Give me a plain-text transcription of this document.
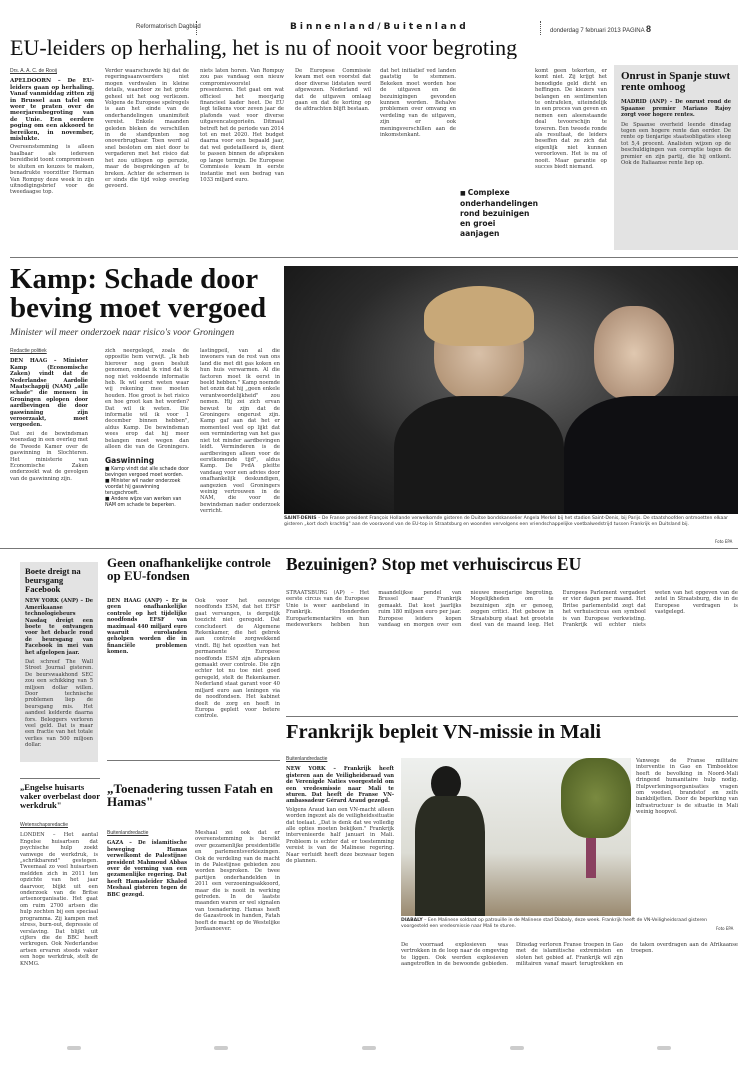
Reformatorisch Dagblad	Binnenland/Buitenland	donderdag 7 februari 2013 PAGINA 8
EU-leiders op herhaling, het is nu of nooit voor begroting
Drs. A. A. C. de Rooij

APELDOORN – De EU-leiders gaan op herhaling. Vanaf vanmiddag zitten zij in Brussel aan tafel om weer te praten over de meerjarenbegroting van de Unie. Een eerdere poging om een akkoord te bereiken, in november, mislukte.

Overeenstemming is alleen haalbaar als iedereen bereidheid toont compromissen te sluiten en keuzes te maken, benadrukte voorzitter Herman Van Rompuy deze week in zijn uitnodigingsbrief voor de tweedaagse top.

Verder waarschuwde hij dat de regeringsaanvoerders niet mogen verdwalen in kleine details, waardoor ze het grote geheel uit het oog verliezen. Volgens de Europese spelregels is aan het einde van de onderhandelingen unanimiteit vereist. Enkele maanden geleden bleken de verschillen in de standpunten nog onoverbrugbaar. Toen werd al snel besloten om niet door te vergaderen met het risico dat het zou uitlopen op geruzie, maar de besprekingen af te breken. Achter de schermen is er sinds die tijd volop overleg gevoerd.
niets laten horen. Van Rompuy zou pas vandaag een nieuw compromisvoorstel presenteren. Het gaat om wat officieel het meerjarig financieel kader heet. De EU legt telkens voor zeven jaar de plafonds vast voor diverse uitgavencategorieën. Ditmaal betreft het de periode van 2014 tot en met 2020. Het budget daarna voor een bepaald jaar, dat wel gedetailleerd is, dient te passen binnen de afspraken op lange termijn. De Europese Commissie kwam in eerste instantie met een bedrag van 1033 miljard euro.
De Europese Commissie kwam met een voorstel dat door diverse lidstaten werd afgewezen. Nederland wil dat de uitgaven omlaag gaan en dat de korting op de afdrachten blijft bestaan.
dat het initiatief ved landen gaatstig te stemmen. Bekeken moet worden hoe de uitgaven en de bezuinigingen gevonden kunnen worden. Behalve problemen over omvang en verdeling van de uitgaven, zijn er ook meningsverschillen aan de inkomstenkant.
■ Complexe onderhandelingen rond bezuinigen en groei aanjagen
komt geen tekorten, er komt niet. Zij krijgt het benodigde geld dicht en heffingen. De kiezers van belangen en sentimenten te ontrafelen, uiteindelijk in een proces van geven en nemen een aleenstaande deal tevoorschijn te toveren. Een tweede ronde als resultaat, de leiders beseffen dat ze zich dat eigenlijk niet kunnen veroorloven. Het is nu of nooit. Maar garantie op succes biedt niemand.
Onrust in Spanje stuwt rente omhoog
MADRID (ANP) – De onrust rond de Spaanse premier Mariano Rajoy zorgt voor hogere rentes.
De Spaanse overheid leende dinsdag tegen een hogere rente dan eerder. De rente op tienjarige staatsobligaties steeg tot 5,4 procent. Analisten wijzen op de beschuldigingen van corruptie tegen de premier en zijn partij, die hij ontkent. Ook de Italiaanse rente liep op.
Kamp: Schade door beving moet vergoed
Minister wil meer onderzoek naar risico's voor Groningen
Redactie politiek

DEN HAAG – Minister Kamp (Economische Zaken) vindt dat de Nederlandse Aardolie Maatschappij (NAM) „alle schade" die mensen in Groningen oplopen door aardbevingen die door gaswinning zijn veroorzaakt, moet vergoeden.

Dat zei de bewindsman woensdag in een overleg met de Tweede Kamer over de gaswinning in Slochteren. Het ministerie van Economische Zaken onderzoekt wat de gevolgen van de gaswinning zijn.

zich neergelegd, zoals de oppositie hem verwijt. „Ik heb hierover nog geen besluit genomen, omdat ik vind dat ik nog niet voldoende informatie heb. Ik wil eerst weten waar wij rekening mee moeten houden. Hoe groot is het risico en hoe groot kan het worden? Dat wil ik weten. Die informatie wil ik voor 1 december binnen hebben", aldus Kamp. De bewindsman wees erop dat hij meer belangen moet wegen dan alleen die van de Groningers.
Gaswinning
■ Kamp vindt dat alle schade door bevingen vergoed moet worden.
■ Minister wil nader onderzoek voordat hij gaswinning terugschroeft.
■ Andere wijze van werken van NAM om schade te beperken.
lastingpeil, van al die inwoners van de rest van ons land die met dit gas koken en hun huis verwarmen. Al die factoren moet ik eerst in beeld hebben." Kamp noemde het onzin dat hij „geen enkele verantwoordelijkheid" zou nemen. Hij zei zich ervan bewust te zijn dat de Groningers ongerust zijn. Kamp gaf aan dat het er momenteel veel op lijkt dat een vermindering van het gas niet tot minder aardbevingen leidt. Verminderen is de aardbevingen alleen voor de eerstkomende tijd", aldus Kamp. De PvdA pleitte vandaag voor een advies door onafhankelijk deskundigen, aangezien veel Groningers weinig vertrouwen in de NAM, die voor de bewindsman nader onderzoek verricht.
SAINT-DENIS – De Franse president François Hollande verwelkomde gisteren de Duitse bondskanselier Angela Merkel bij het stadion Saint-Denis, bij Parijs. De staatshoofden ontmoetten elkaar gisteren „kort doch krachtig" aan de vooravond van de EU-top in Straatsburg en woonden vervolgens een vriendschappelijke voetbalwedstrijd tussen Frankrijk en Duitsland bij.
Foto EPA
Boete dreigt na beursgang Facebook
NEW YORK (ANP) – De Amerikaanse technologiebeurs Nasdaq dreigt een boete te ontvangen voor het debacle rond de beursgang van Facebook in mei van het afgelopen jaar.
Dat schreef The Wall Street Journal gisteren. De beurswaakhond SEC zou een schikking van 5 miljoen dollar willen. Door technische problemen liep de beursgang mis. Het aandeel kelderde daarna fors. Beleggers verloren veel geld. Dat is maar een fractie van het totale verlies van 500 miljoen dollar.
„Engelse huisarts vaker overbelast door werkdruk"
Wetenschapsredactie

LONDEN – Het aantal Engelse huisartsen dat psychische hulp zoekt vanwege de werkdruk, is „schrikbarend" gestegen. Tweemaal zo veel huisartsen meldden zich in 2011 ten opzichte van het jaar daarvoor, blijkt uit een onderzoek van de Britse artsenorganisatie. Het gaat om ruim 2700 artsen die hulp zochten bij een speciaal programma. Zij kampen met stress, burn-out, depressie of verslaving. Dat blijkt uit cijfers die de BBC heeft verkregen. Ook Nederlandse artsen ervaren steeds vaker een hoge werkdruk, stelt de KNMG.

Geen onafhankelijke controle op EU-fondsen

DEN HAAG (ANP) – Er is geen onafhankelijke controle op het tijdelijke noodfonds EFSF van maximaal 440 miljard euro waaruit eurolanden geholpen worden die in financiële problemen komen.

Ook voor het eeuwige noodfonds ESM, dat het EFSF gaat vervangen, is dergelijk toezicht niet geregeld. Dat concludeert de Algemene Rekenkamer, die het gebrek aan controle zorgwekkend vindt. Bij het opzetten van het permanente Europese noodfonds ESM zijn afspraken gemaakt over controle. Die zijn echter tot nu toe niet goed geregeld, stelt de Rekenkamer. Nederland staat garant voor 40 miljard euro aan leningen via de noodfondsen. Het kabinet deelt de zorg en heeft in Europa gepleit voor betere controle.
„Toenadering tussen Fatah en Hamas"
Buitenlandredactie

GAZA – De islamitische beweging Hamas verwelkomt de Palestijnse president Mahmoud Abbas over de vorming van een gezamenlijke regering. Dat heeft Hamasleider Khaled Meshaal gisteren tegen de BBC gezegd.

Meshaal zei ook dat er overeenstemming is bereikt over gezamenlijke presidentiële en parlementsverkiezingen. Ook de verdeling van de macht in de Palestijnse gebieden zou worden besproken. De twee partijen onderhandelden in 2011 een verzoeningsakkoord, maar die is nooit in werking getreden. In de laatste maanden waren er wel signalen van toenadering. Hamas heeft de Gazastrook in handen, Fatah heeft de macht op de Westelijke Jordaanoever.
Bezuinigen? Stop met verhuiscircus EU
STRAATSBURG (AP) – Het eerste circus van de Europese Unie is weer aanbeland in Frankrijk. Honderden Europarlementariërs en hun medewerkers hebben hun maandelijkse pendel van Brussel naar Frankrijk gemaakt. Dat kost jaarlijks ruim 180 miljoen euro per jaar. Europese leiders kopen vandaag en morgen over een nieuwe meerjarige begroting. Mogelijkheden om te bezuinigen zijn er genoeg, zeggen critici. Het gebouw in Straatsburg staat het grootste deel van de maand leeg. Het Europees Parlement vergadert er vier dagen per maand. Het Britse parlementslid zegt dat het verhuiscircus een symbool is van Europese verkwisting. Frankrijk wil echter niets weten van het opgeven van de zetel in Straatsburg, die in de Europese verdragen is vastgelegd.
Frankrijk bepleit VN-missie in Mali
Buitenlandredactie

NEW YORK – Frankrijk heeft gisteren aan de Veiligheidsraad van de Verenigde Naties voorgesteld om een vredesmissie naar Mali te sturen. Dat heeft de Franse VN-ambassadeur Gérard Araud gezegd.

Volgens Araud kan een VN-macht alleen worden ingezet als de veiligheidssituatie dat toelaat. „Dat is denk dat we volledig alle opties moeten bekijken." Frankrijk intervenieerde half januari in Mali. Probleem is echter dat er toestemming vereist is van de Malinese regering. Naar verluidt heeft deze bezwaar tegen de plannen.

Vanwege de Franse militaire interventie in Gao en Timboektoe heeft de bevolking in Noord-Mali dringend humanitaire hulp nodig. Hulpverleningsorganisaties vragen om voedsel, brandstof en zelfs bankbiljetten. Door de beperking van infrastructuur is de situatie in Mali weinig hoopvol.
DIABALY – Een Malinese soldaat op patrouille in de Malinese stad Diabaly, deze week. Frankrijk heeft de VN-Veiligheidsraad gisteren voorgesteld een vredesmissie naar Mali te sturen.	Foto EPA
De voorraad explosieven was vertrokken in de loop naar de omgeving te liggen. Ook werden explosieven aangetroffen in de bewoonde gebieden. Dinsdag verloren Franse troepen in Gao met de islamitische extremisten en sloten het gebied af. Frankrijk wil zijn militairen vanaf maart terugtrekken en de taken overdragen aan de Afrikaanse troepen.
